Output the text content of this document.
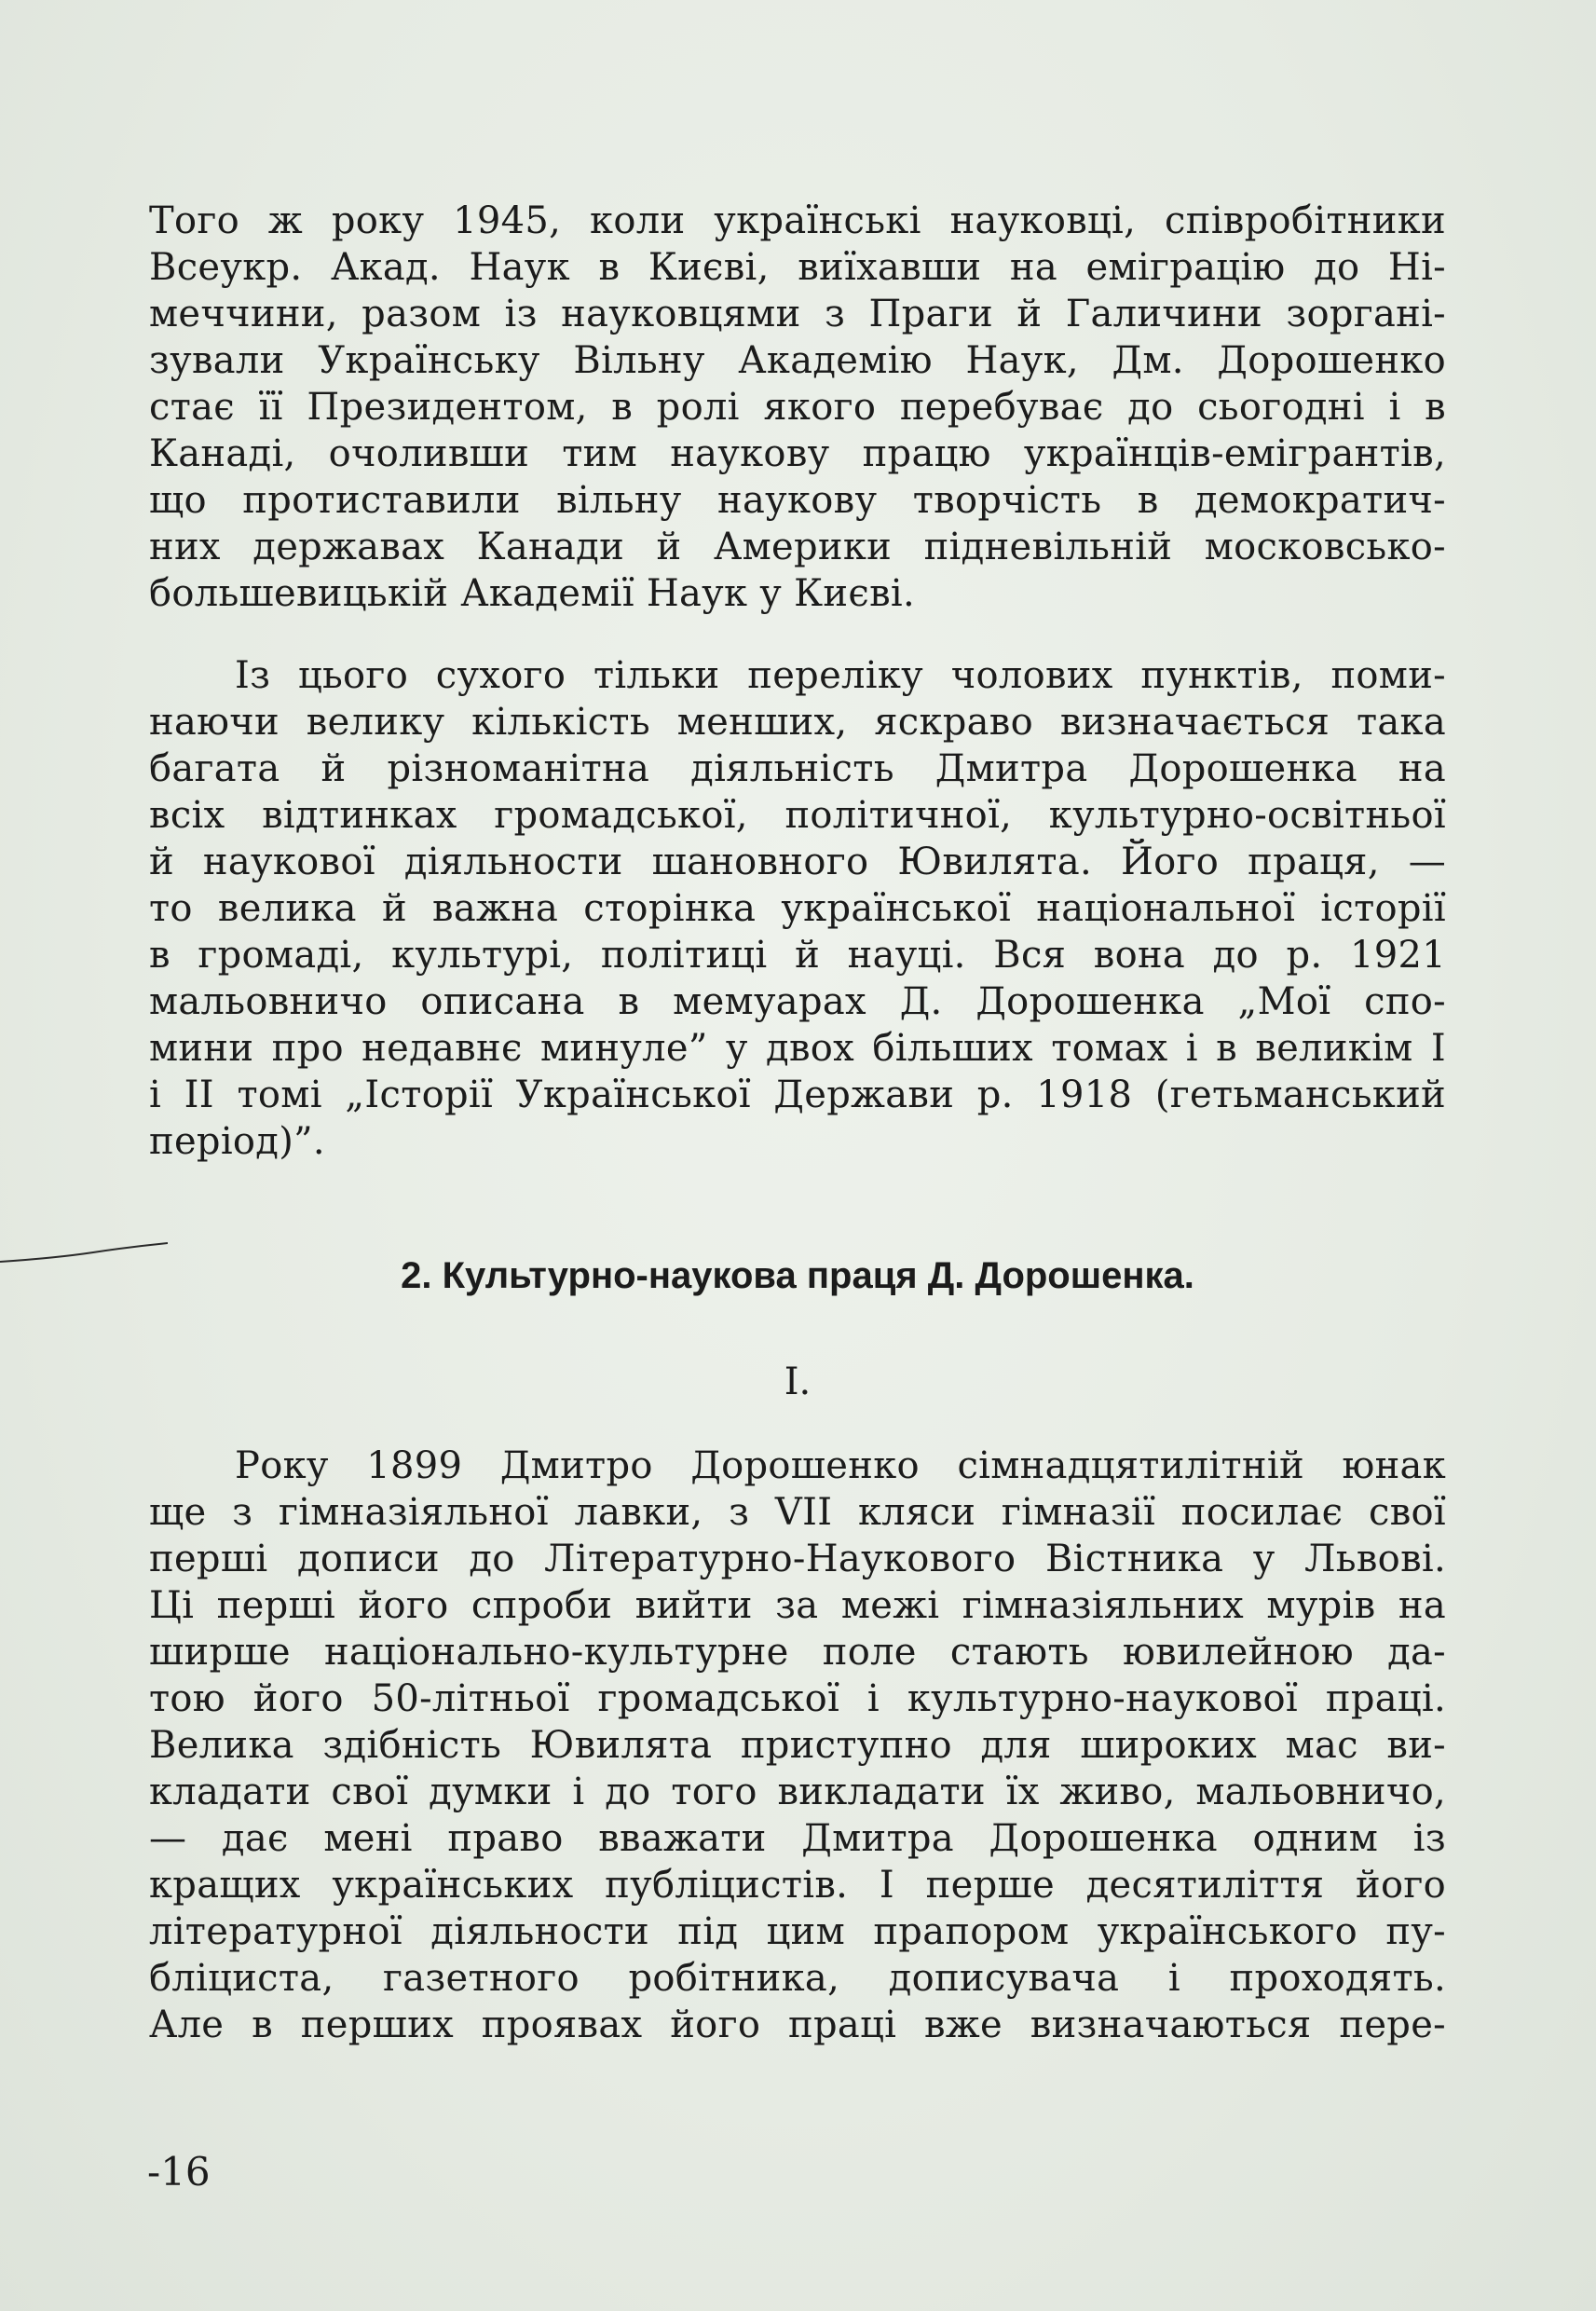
Того ж року 1945, коли українські науковці, співробітники
Всеукр. Акад. Наук в Києві, виїхавши на еміграцію до Ні-
меччини, разом із науковцями з Праги й Галичини зоргані-
зували Українську Вільну Академію Наук, Дм. Дорошенко
стає її Президентом, в ролі якого перебуває до сьогодні і в
Канаді, очоливши тим наукову працю українців-емігрантів,
що протиставили вільну наукову творчість в демократич-
них державах Канади й Америки підневільній московсько-
большевицькій Академії Наук у Києві.
Із цього сухого тільки переліку чолових пунктів, поми-
наючи велику кількість менших, яскраво визначається така
багата й різноманітна діяльність Дмитра Дорошенка на
всіх відтинках громадської, політичної, культурно-освітньої
й наукової діяльности шановного Ювилята. Його праця, —
то велика й важна сторінка української національної історії
в громаді, культурі, політиці й науці. Вся вона до р. 1921
мальовничо описана в мемуарах Д. Дорошенка „Мої спо-
мини про недавнє минуле” у двох більших томах і в великім І
і ІІ томі „Історії Української Держави р. 1918 (гетьманський
період)”.
2. Культурно-наукова праця Д. Дорошенка.
I.
Року 1899 Дмитро Дорошенко сімнадцятилітній юнак
ще з гімназіяльної лавки, з VII кляси гімназії посилає свої
перші дописи до Літературно-Наукового Вістника у Львові.
Ці перші його спроби вийти за межі гімназіяльних мурів на
ширше національно-культурне поле стають ювилейною да-
тою його 50-літньої громадської і культурно-наукової праці.
Велика здібність Ювилята приступно для широких мас ви-
кладати свої думки і до того викладати їх живо, мальовничо,
— дає мені право вважати Дмитра Дорошенка одним із
кращих українських публіцистів. І перше десятиліття його
літературної діяльности під цим прапором українського пу-
бліциста, газетного робітника, дописувача і проходять.
Але в перших проявах його праці вже визначаються пере-
-16
